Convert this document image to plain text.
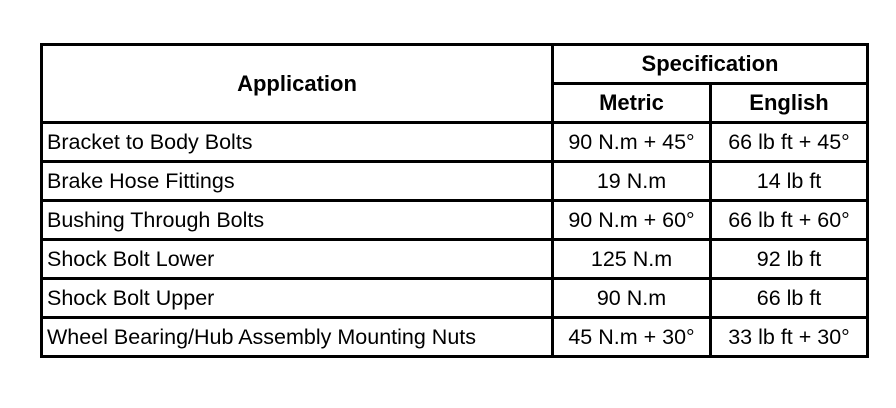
Application	Specification	
	Metric	English
Bracket to Body Bolts	90 N.m + 45°	66 lb ft + 45°
Brake Hose Fittings	19 N.m	14 lb ft
Bushing Through Bolts	90 N.m + 60°	66 lb ft + 60°
Shock Bolt Lower	125 N.m	92 lb ft
Shock Bolt Upper	90 N.m	66 lb ft
Wheel Bearing/Hub Assembly Mounting Nuts	45 N.m + 30°	33 lb ft + 30°
